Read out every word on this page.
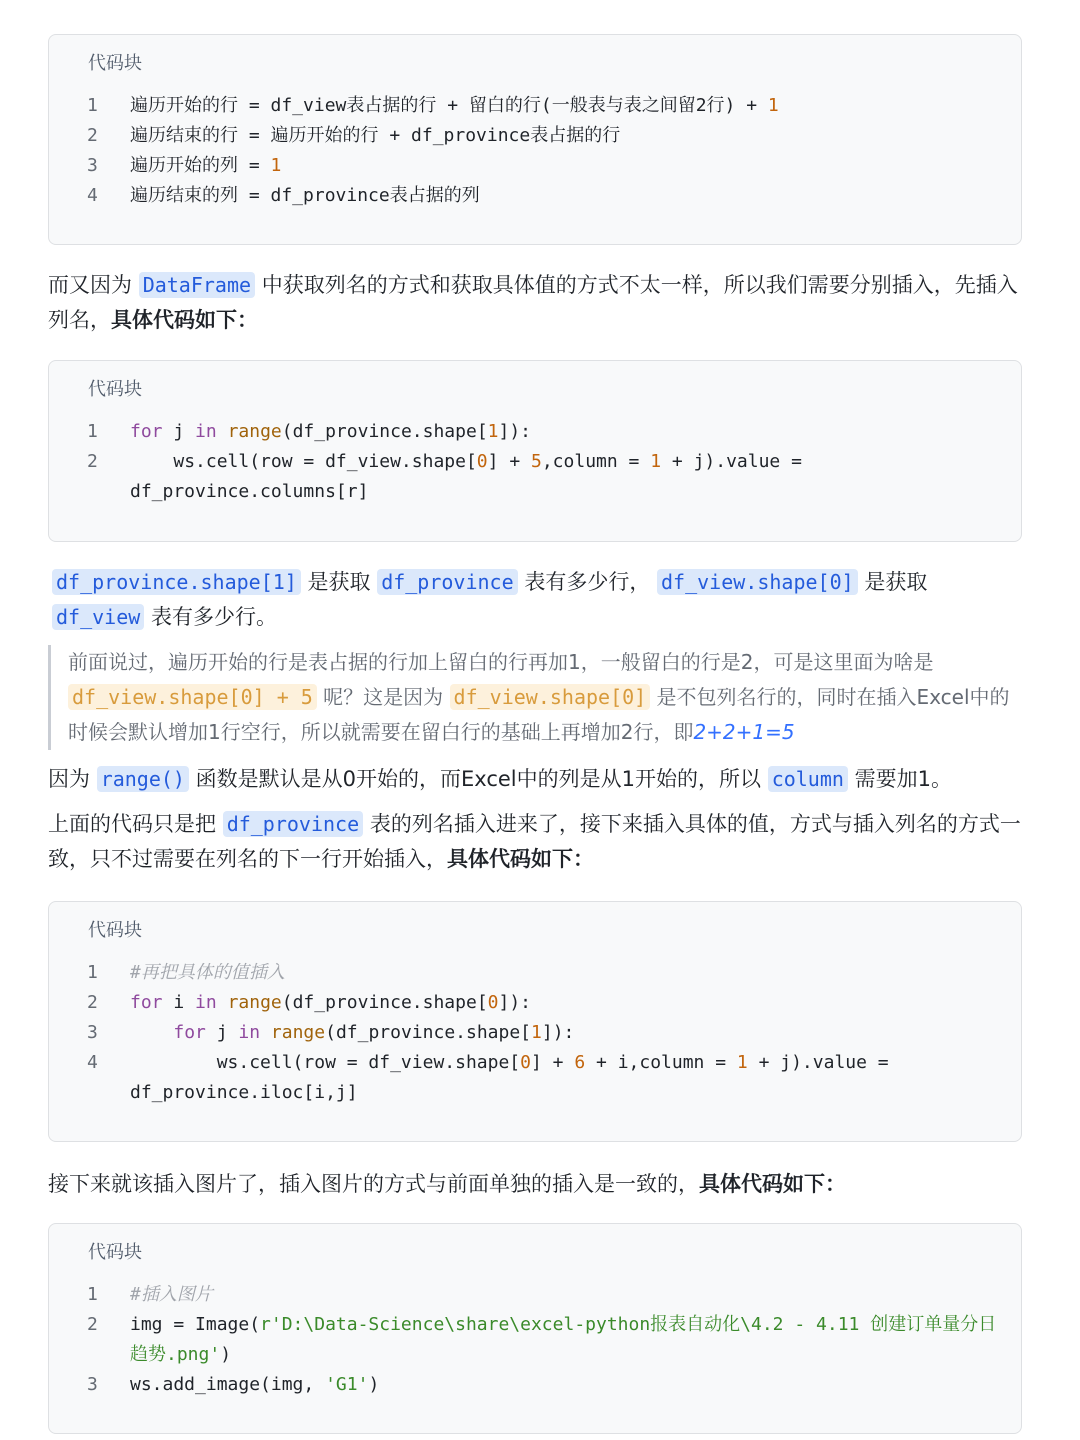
代码块
1	遍历开始的行 = df_view表占据的行 + 留白的行(一般表与表之间留2行) + 1
2	遍历结束的行 = 遍历开始的行 + df_province表占据的行
3	遍历开始的列 = 1
4	遍历结束的列 = df_province表占据的列
而又因为 DataFrame 中获取列名的方式和获取具体值的方式不太一样，所以我们需要分别插入，先插入列名，具体代码如下：
代码块
1	for j in range(df_province.shape[1]):
2	ws.cell(row = df_view.shape[0] + 5,column = 1 + j).value =
df_province.columns[r]
df_province.shape[1] 是获取 df_province 表有多少行， df_view.shape[0] 是获取 df_view 表有多少行。
前面说过，遍历开始的行是表占据的行加上留白的行再加1，一般留白的行是2，可是这里面为啥是 df_view.shape[0] + 5 呢？这是因为 df_view.shape[0] 是不包列名行的，同时在插入Excel中的时候会默认增加1行空行，所以就需要在留白行的基础上再增加2行，即2+2+1=5
因为 range() 函数是默认是从0开始的，而Excel中的列是从1开始的，所以 column 需要加1。
上面的代码只是把 df_province 表的列名插入进来了，接下来插入具体的值，方式与插入列名的方式一致，只不过需要在列名的下一行开始插入，具体代码如下：
代码块
1	#再把具体的值插入
2	for i in range(df_province.shape[0]):
3	for j in range(df_province.shape[1]):
4	ws.cell(row = df_view.shape[0] + 6 + i,column = 1 + j).value =
df_province.iloc[i,j]
接下来就该插入图片了，插入图片的方式与前面单独的插入是一致的，具体代码如下：
代码块
1	#插入图片
2	img = Image(r'D:\Data-Science\share\excel-python报表自动化\4.2 - 4.11 创建订单量分日趋势.png')
3	ws.add_image(img, 'G1')
